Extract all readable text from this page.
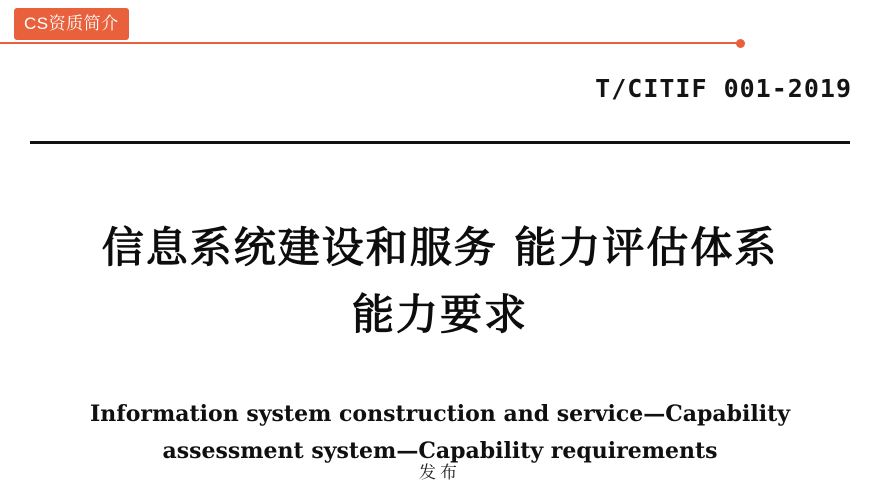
T/CITIF 001-2019
信息系统建设和服务 能力评估体系
能力要求
Information system construction and service—Capability
assessment system—Capability requirements
发布
CS资质简介
